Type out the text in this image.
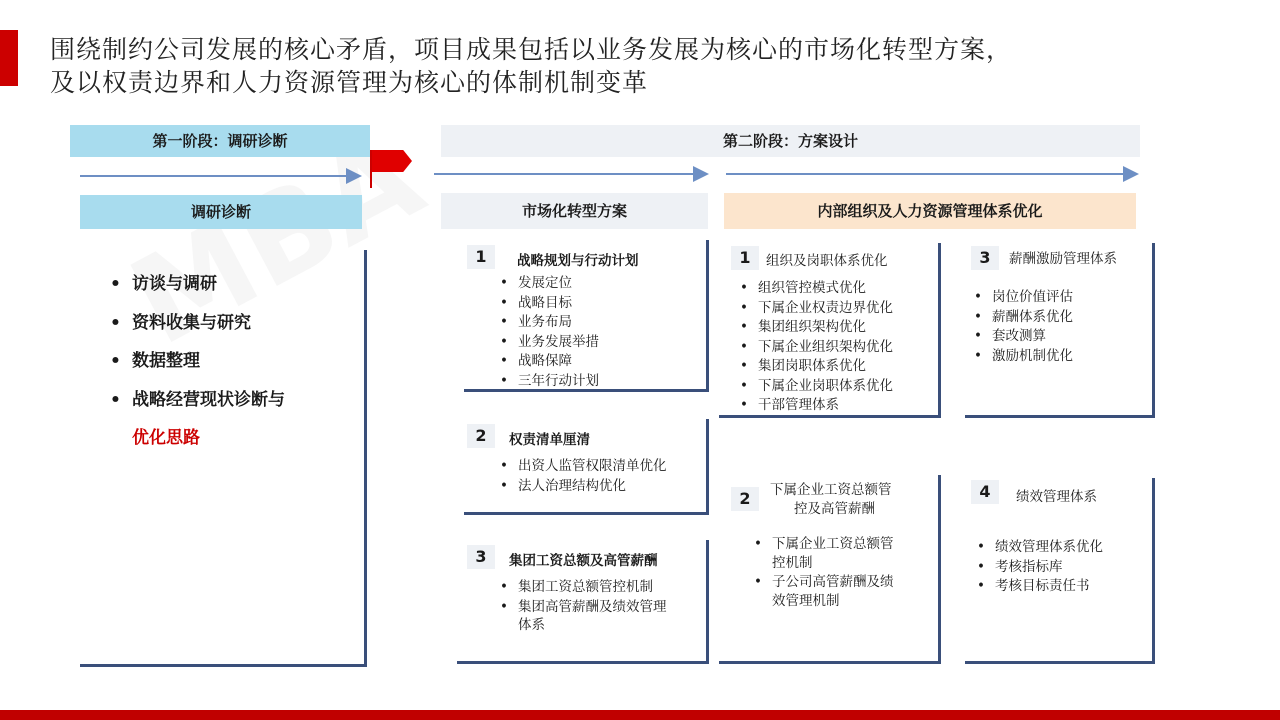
围绕制约公司发展的核心矛盾，项目成果包括以业务发展为核心的市场化转型方案，
及以权责边界和人力资源管理为核心的体制机制变革
第一阶段：调研诊断	第二阶段：方案设计
调研诊断	市场化转型方案	内部组织及人力资源管理体系优化
• 访谈与调研
• 资料收集与研究
• 数据整理
• 战略经营现状诊断与
优化思路
1	战略规划与行动计划
• 发展定位
• 战略目标
• 业务布局
• 业务发展举措
• 战略保障
• 三年行动计划
2	权责清单厘清
• 出资人监管权限清单优化
• 法人治理结构优化
3	集团工资总额及高管薪酬
• 集团工资总额管控机制
• 集团高管薪酬及绩效管理
体系
1	组织及岗职体系优化
• 组织管控模式优化
• 下属企业权责边界优化
• 集团组织架构优化
• 下属企业组织架构优化
• 集团岗职体系优化
• 下属企业岗职体系优化
• 干部管理体系
3	薪酬激励管理体系
• 岗位价值评估
• 薪酬体系优化
• 套改测算
• 激励机制优化
2	下属企业工资总额管
控及高管薪酬
• 下属企业工资总额管
控机制
• 子公司高管薪酬及绩
效管理机制
4	绩效管理体系
• 绩效管理体系优化
• 考核指标库
• 考核目标责任书
